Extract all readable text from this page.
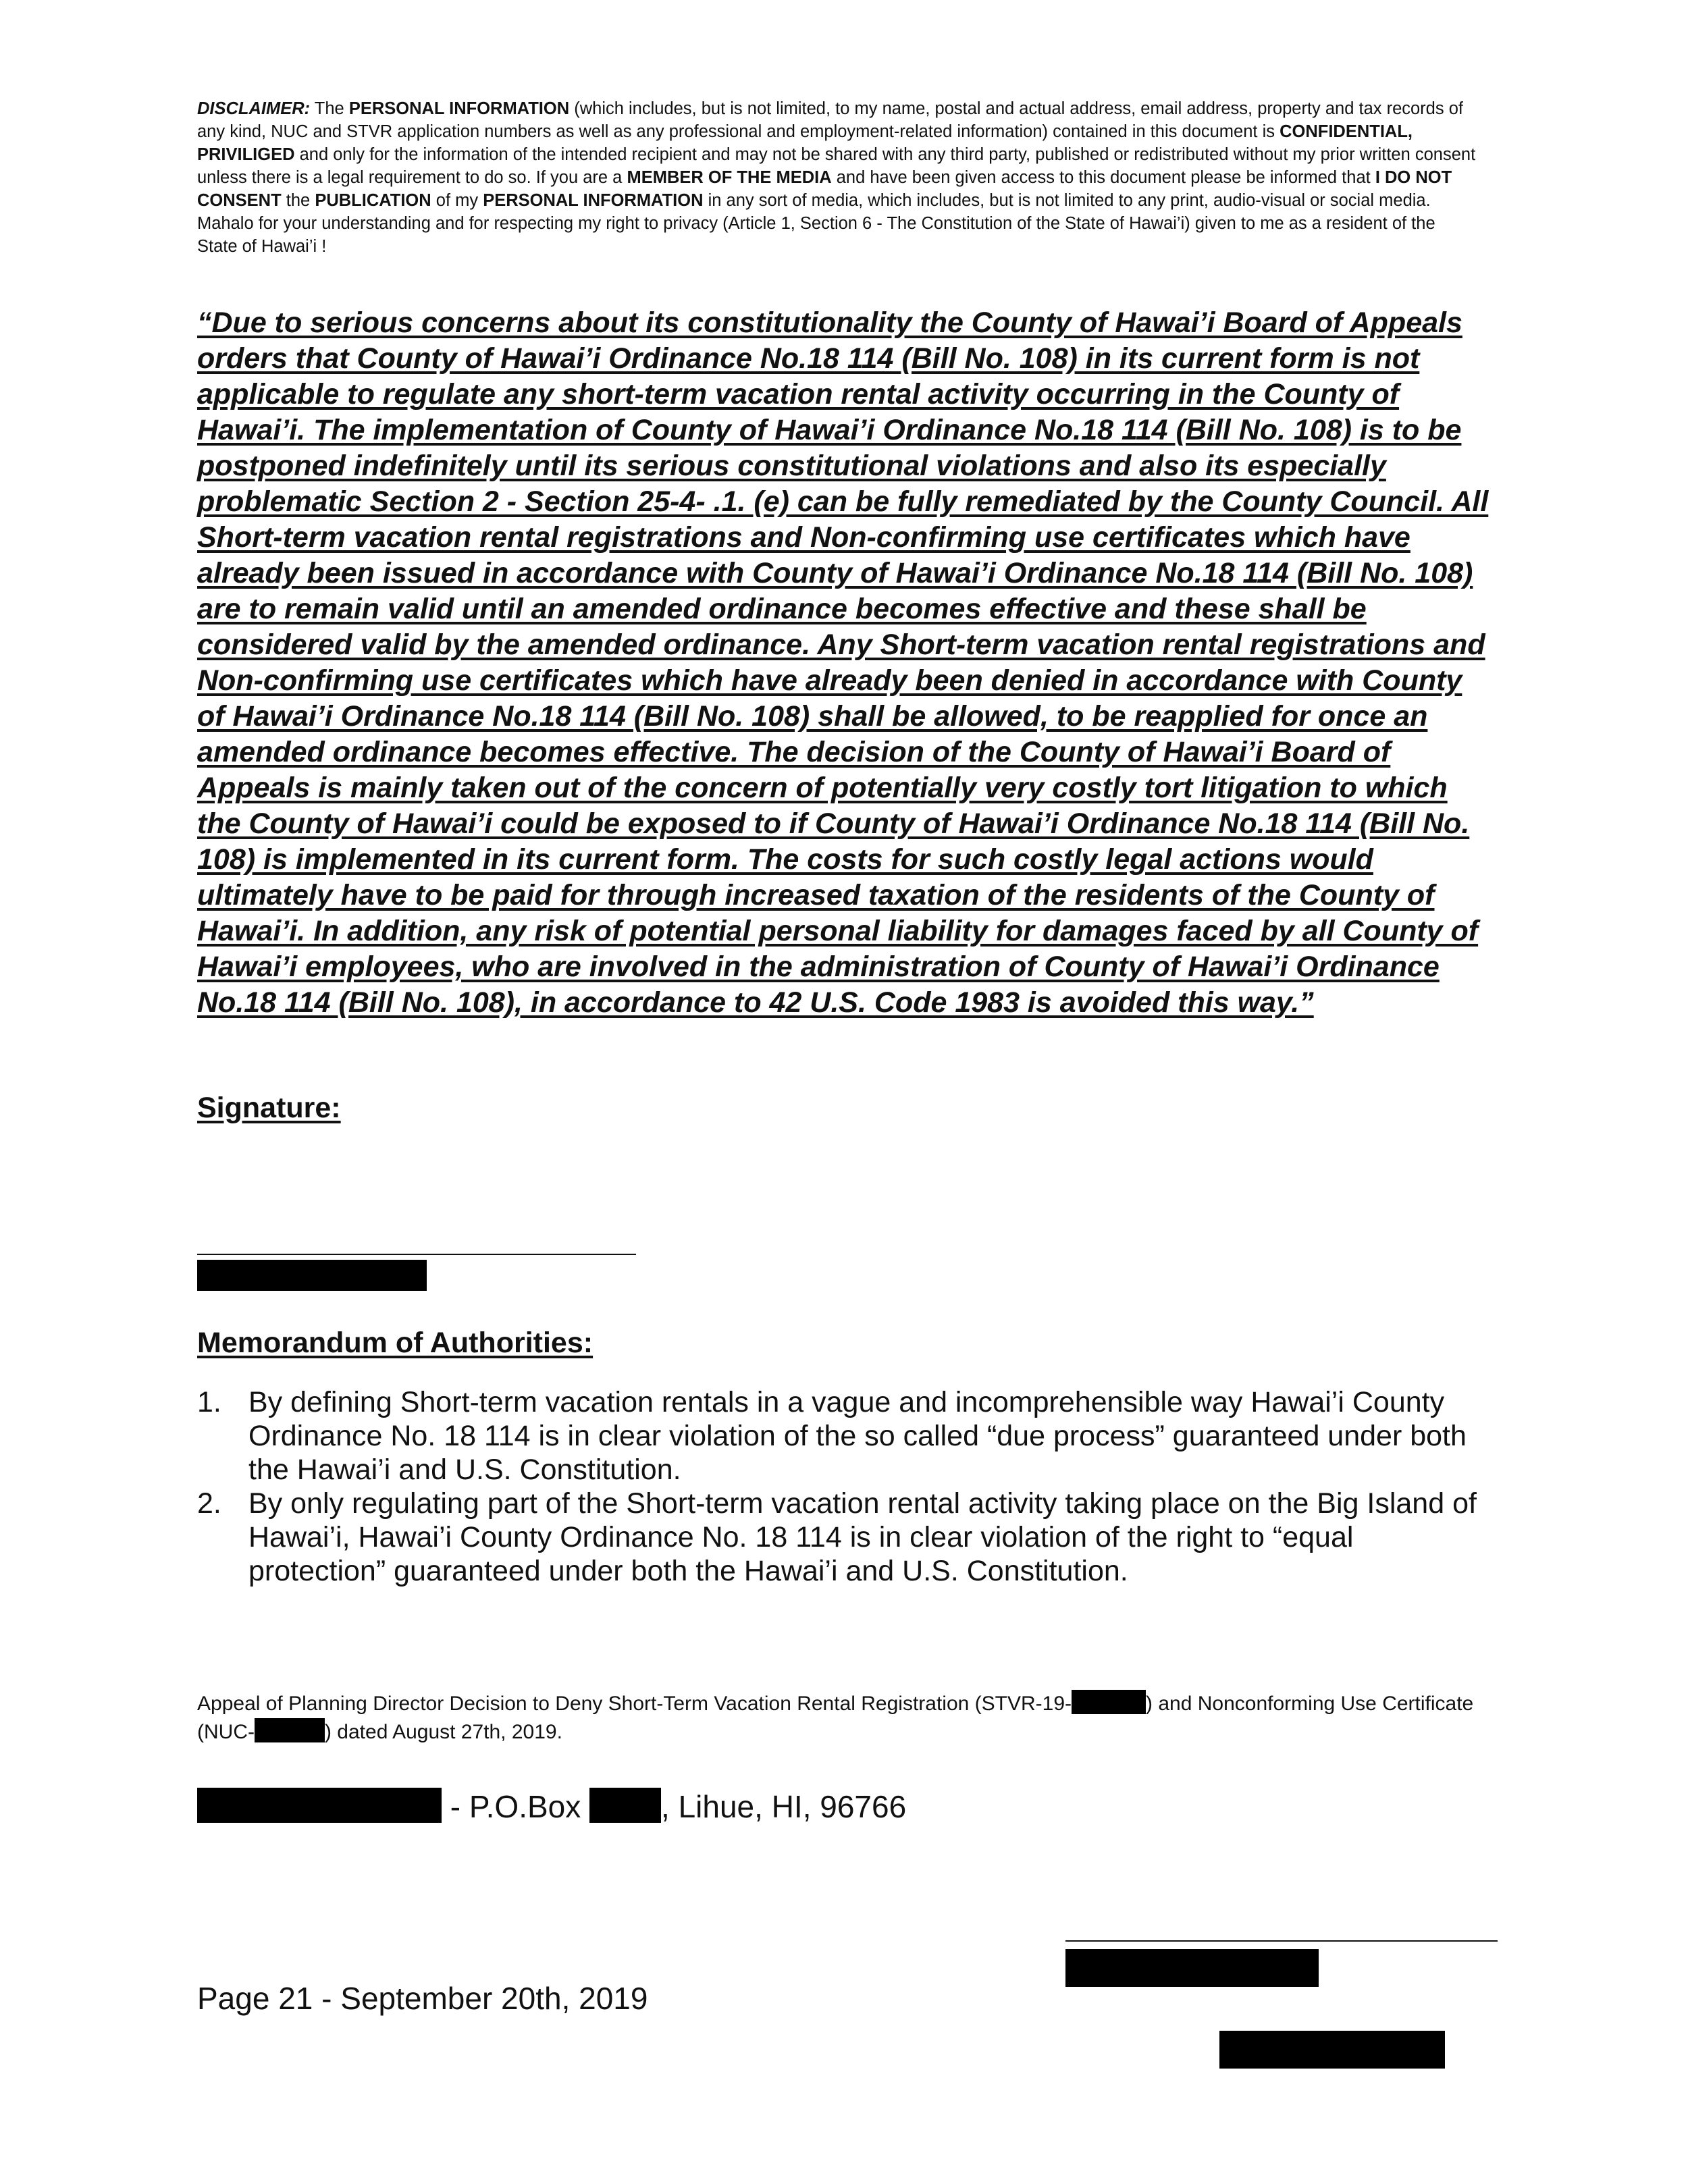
DISCLAIMER: The PERSONAL INFORMATION (which includes, but is not limited, to my name, postal and actual address, email address, property and tax records of any kind, NUC and STVR application numbers as well as any professional and employment-related information) contained in this document is CONFIDENTIAL, PRIVILIGED and only for the information of the intended recipient and may not be shared with any third party, published or redistributed without my prior written consent unless there is a legal requirement to do so. If you are a MEMBER OF THE MEDIA and have been given access to this document please be informed that I DO NOT CONSENT the PUBLICATION of my PERSONAL INFORMATION in any sort of media, which includes, but is not limited to any print, audio-visual or social media.
Mahalo for your understanding and for respecting my right to privacy (Article 1, Section 6 - The Constitution of the State of Hawai’i) given to me as a resident of the State of Hawai’i !
“Due to serious concerns about its constitutionality the County of Hawai’i Board of Appeals orders that County of Hawai’i Ordinance No.18 114 (Bill No. 108) in its current form is not applicable to regulate any short-term vacation rental activity occurring in the County of Hawai’i. The implementation of County of Hawai’i Ordinance No.18 114 (Bill No. 108) is to be postponed indefinitely until its serious constitutional violations and also its especially problematic Section 2 - Section 25-4- .1. (e) can be fully remediated by the County Council. All Short-term vacation rental registrations and Non-confirming use certificates which have already been issued in accordance with County of Hawai’i Ordinance No.18 114 (Bill No. 108) are to remain valid until an amended ordinance becomes effective and these shall be considered valid by the amended ordinance. Any Short-term vacation rental registrations and Non-confirming use certificates which have already been denied in accordance with County of Hawai’i Ordinance No.18 114 (Bill No. 108) shall be allowed, to be reapplied for once an amended ordinance becomes effective. The decision of the County of Hawai’i Board of Appeals is mainly taken out of the concern of potentially very costly tort litigation to which the County of Hawai’i could be exposed to if County of Hawai’i Ordinance No.18 114 (Bill No. 108) is implemented in its current form. The costs for such costly legal actions would ultimately have to be paid for through increased taxation of the residents of the County of Hawai’i. In addition, any risk of potential personal liability for damages faced by all County of Hawai’i employees, who are involved in the administration of County of Hawai’i Ordinance No.18 114 (Bill No. 108), in accordance to 42 U.S. Code 1983 is avoided this way.”
Signature:
Memorandum of Authorities:
1. By defining Short-term vacation rentals in a vague and incomprehensible way Hawai’i County Ordinance No. 18 114 is in clear violation of the so called “due process” guaranteed under both the Hawai’i and U.S. Constitution.
2. By only regulating part of the Short-term vacation rental activity taking place on the Big Island of Hawai’i, Hawai’i County Ordinance No. 18 114 is in clear violation of the right to “equal protection” guaranteed under both the Hawai’i and U.S. Constitution.
Appeal of Planning Director Decision to Deny Short-Term Vacation Rental Registration (STVR-19-	) and Nonconforming Use Certificate (NUC-	) dated August 27th, 2019.
- P.O.Box , Lihue, HI, 96766
Page 21 - September 20th, 2019
